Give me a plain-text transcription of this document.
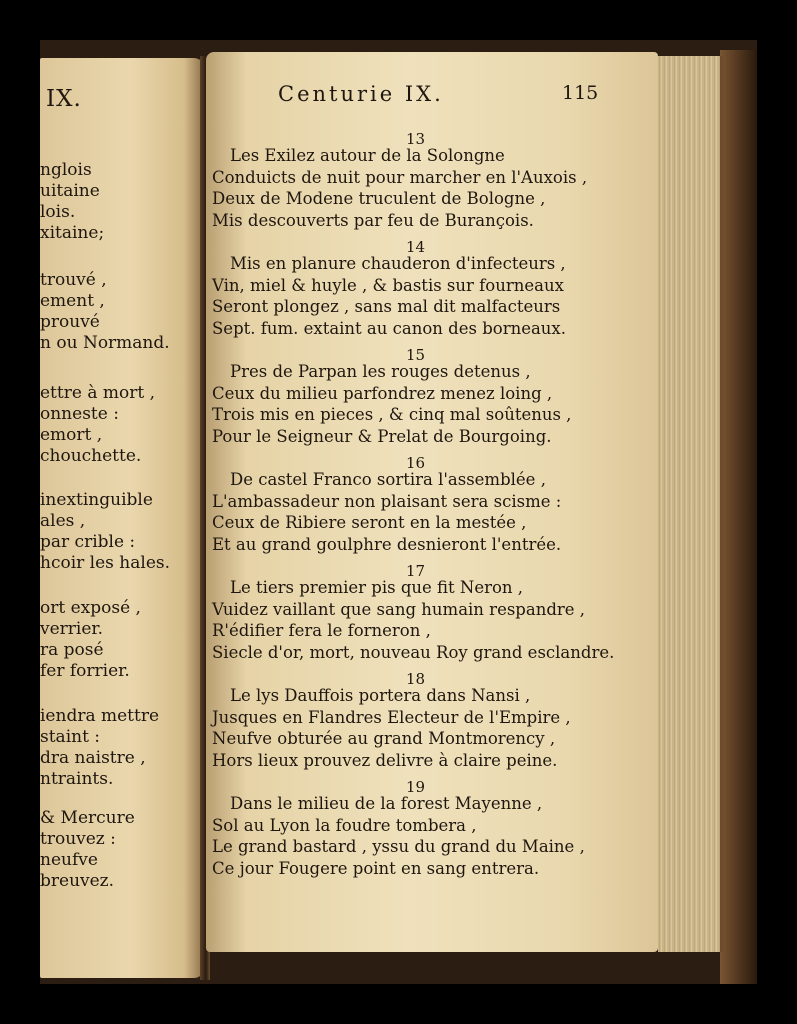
IX.
nglois
uitaine
lois.
xitaine;
trouvé ,
ement ,
prouvé
n ou Normand.
ettre à mort ,
onneste :
emort ,
chouchette.
inextinguible
ales ,
par crible :
hcoir les hales.
ort exposé ,
verrier.
ra posé
fer forrier.
iendra mettre
staint :
dra naistre ,
ntraints.
& Mercure
trouvez :
neufve
breuvez.
Centurie IX.	115
13
Les Exilez autour de la Solongne
Conduicts de nuit pour marcher en l'Auxois ,
Deux de Modene truculent de Bologne ,
Mis descouverts par feu de Burançois.
14
Mis en planure chauderon d'infecteurs ,
Vin, miel & huyle , & bastis sur fourneaux
Seront plongez , sans mal dit malfacteurs
Sept. fum. extaint au canon des borneaux.
15
Pres de Parpan les rouges detenus ,
Ceux du milieu parfondrez menez loing ,
Trois mis en pieces , & cinq mal soûtenus ,
Pour le Seigneur & Prelat de Bourgoing.
16
De castel Franco sortira l'assemblée ,
L'ambassadeur non plaisant sera scisme :
Ceux de Ribiere seront en la mestée ,
Et au grand goulphre desnieront l'entrée.
17
Le tiers premier pis que fit Neron ,
Vuidez vaillant que sang humain respandre ,
R'édifier fera le forneron ,
Siecle d'or, mort, nouveau Roy grand esclandre.
18
Le lys Dauffois portera dans Nansi ,
Jusques en Flandres Electeur de l'Empire ,
Neufve obturée au grand Montmorency ,
Hors lieux prouvez delivre à claire peine.
19
Dans le milieu de la forest Mayenne ,
Sol au Lyon la foudre tombera ,
Le grand bastard , yssu du grand du Maine ,
Ce jour Fougere point en sang entrera.
